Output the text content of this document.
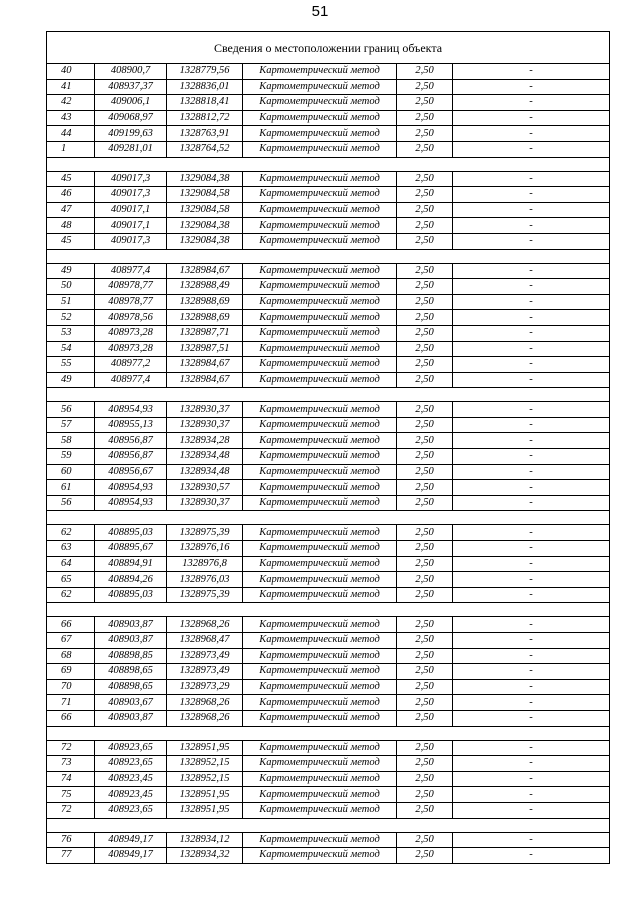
51
Сведения о местоположении границ объекта					
40	408900,7	1328779,56	Картометрический метод	2,50	-
41	408937,37	1328836,01	Картометрический метод	2,50	-
42	409006,1	1328818,41	Картометрический метод	2,50	-
43	409068,97	1328812,72	Картометрический метод	2,50	-
44	409199,63	1328763,91	Картометрический метод	2,50	-
1	409281,01	1328764,52	Картометрический метод	2,50	-

45	409017,3	1329084,38	Картометрический метод	2,50	-
46	409017,3	1329084,58	Картометрический метод	2,50	-
47	409017,1	1329084,58	Картометрический метод	2,50	-
48	409017,1	1329084,38	Картометрический метод	2,50	-
45	409017,3	1329084,38	Картометрический метод	2,50	-

49	408977,4	1328984,67	Картометрический метод	2,50	-
50	408978,77	1328988,49	Картометрический метод	2,50	-
51	408978,77	1328988,69	Картометрический метод	2,50	-
52	408978,56	1328988,69	Картометрический метод	2,50	-
53	408973,28	1328987,71	Картометрический метод	2,50	-
54	408973,28	1328987,51	Картометрический метод	2,50	-
55	408977,2	1328984,67	Картометрический метод	2,50	-
49	408977,4	1328984,67	Картометрический метод	2,50	-

56	408954,93	1328930,37	Картометрический метод	2,50	-
57	408955,13	1328930,37	Картометрический метод	2,50	-
58	408956,87	1328934,28	Картометрический метод	2,50	-
59	408956,87	1328934,48	Картометрический метод	2,50	-
60	408956,67	1328934,48	Картометрический метод	2,50	-
61	408954,93	1328930,57	Картометрический метод	2,50	-
56	408954,93	1328930,37	Картометрический метод	2,50	-

62	408895,03	1328975,39	Картометрический метод	2,50	-
63	408895,67	1328976,16	Картометрический метод	2,50	-
64	408894,91	1328976,8	Картометрический метод	2,50	-
65	408894,26	1328976,03	Картометрический метод	2,50	-
62	408895,03	1328975,39	Картометрический метод	2,50	-

66	408903,87	1328968,26	Картометрический метод	2,50	-
67	408903,87	1328968,47	Картометрический метод	2,50	-
68	408898,85	1328973,49	Картометрический метод	2,50	-
69	408898,65	1328973,49	Картометрический метод	2,50	-
70	408898,65	1328973,29	Картометрический метод	2,50	-
71	408903,67	1328968,26	Картометрический метод	2,50	-
66	408903,87	1328968,26	Картометрический метод	2,50	-

72	408923,65	1328951,95	Картометрический метод	2,50	-
73	408923,65	1328952,15	Картометрический метод	2,50	-
74	408923,45	1328952,15	Картометрический метод	2,50	-
75	408923,45	1328951,95	Картометрический метод	2,50	-
72	408923,65	1328951,95	Картометрический метод	2,50	-

76	408949,17	1328934,12	Картометрический метод	2,50	-
77	408949,17	1328934,32	Картометрический метод	2,50	-
